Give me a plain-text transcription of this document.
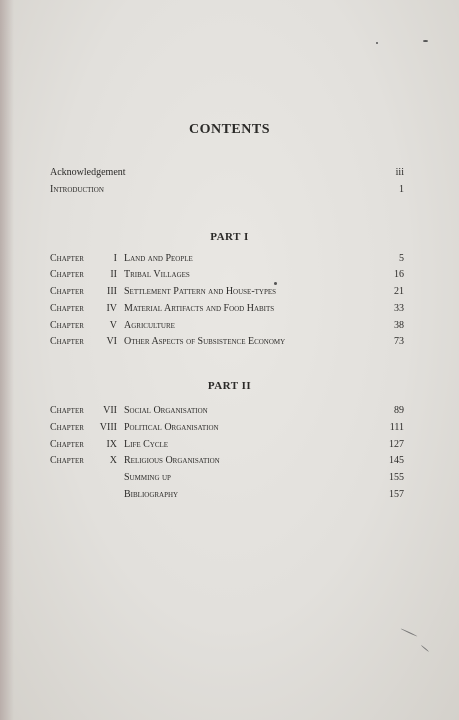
CONTENTS
Acknowledgement	iii
Introduction	1
PART I
Chapter	I Land and People	5
Chapter	II Tribal Villages	16
Chapter	III Settlement Pattern and House-types	21
Chapter	IV Material Artifacts and Food Habits	33
Chapter	V Agriculture	38
Chapter	VI Other Aspects of Subsistence Economy	73
PART II
Chapter	VII Social Organisation	89
Chapter	VIII Political Organisation	111
Chapter	IX Life Cycle	127
Chapter	X Religious Organisation	145
Summing up	155
Bibliography	157
